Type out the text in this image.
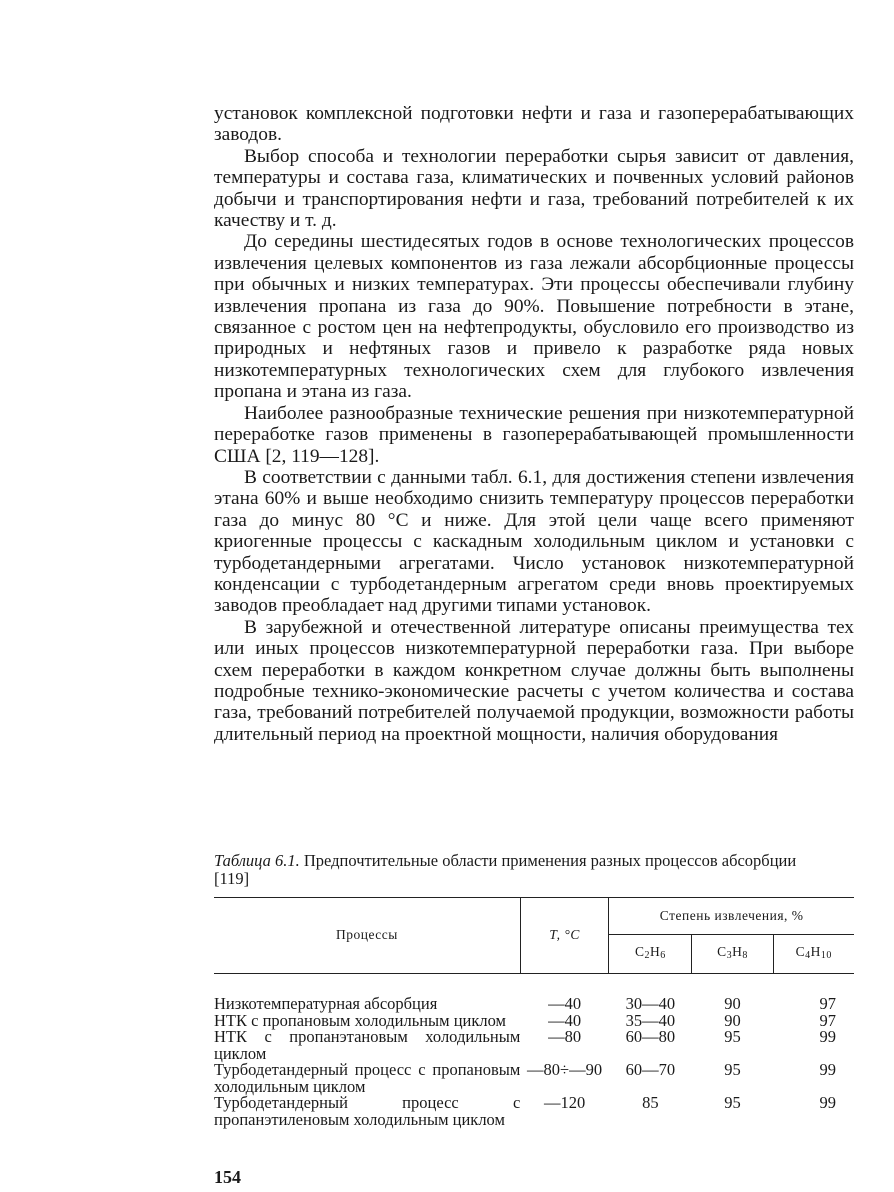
установок комплексной подготовки нефти и газа и газоперерабатывающих заводов.

Выбор способа и технологии переработки сырья зависит от давления, температуры и состава газа, климатических и почвенных условий районов добычи и транспортирования нефти и газа, требований потребителей к их качеству и т. д.

До середины шестидесятых годов в основе технологических процессов извлечения целевых компонентов из газа лежали абсорбционные процессы при обычных и низких температурах. Эти процессы обеспечивали глубину извлечения пропана из газа до 90%. Повышение потребности в этане, связанное с ростом цен на нефтепродукты, обусловило его производство из природных и нефтяных газов и привело к разработке ряда новых низкотемпературных технологических схем для глубокого извлечения пропана и этана из газа.

Наиболее разнообразные технические решения при низкотемпературной переработке газов применены в газоперерабатывающей промышленности США [2, 119—128].

В соответствии с данными табл. 6.1, для достижения степени извлечения этана 60% и выше необходимо снизить температуру процессов переработки газа до минус 80 °С и ниже. Для этой цели чаще всего применяют криогенные процессы с каскадным холодильным циклом и установки с турбодетандерными агрегатами. Число установок низкотемпературной конденсации с турбодетандерным агрегатом среди вновь проектируемых заводов преобладает над другими типами установок.

В зарубежной и отечественной литературе описаны преимущества тех или иных процессов низкотемпературной переработки газа. При выборе схем переработки в каждом конкретном случае должны быть выполнены подробные технико-экономические расчеты с учетом количества и состава газа, требований потребителей получаемой продукции, возможности работы длительный период на проектной мощности, наличия оборудования

Таблица 6.1. Предпочтительные области применения разных процессов абсорбции [119]
Процессы	Т, °С	Степень извлечения, %		
		$C_2H_6$	$C_3H_8$	$C_4H_{10}$

Низкотемпературная абсорбция	—40	30—40	90	97
НТК с пропановым холодильным циклом	—40	35—40	90	97
НТК с пропанэтановым холодильным циклом	—80	60—80	95	99
Турбодетандерный процесс с пропановым холодильным циклом	—80÷—90	60—70	95	99
Турбодетандерный процесс с пропанэтиленовым холодильным циклом	—120	85	95	99
154
